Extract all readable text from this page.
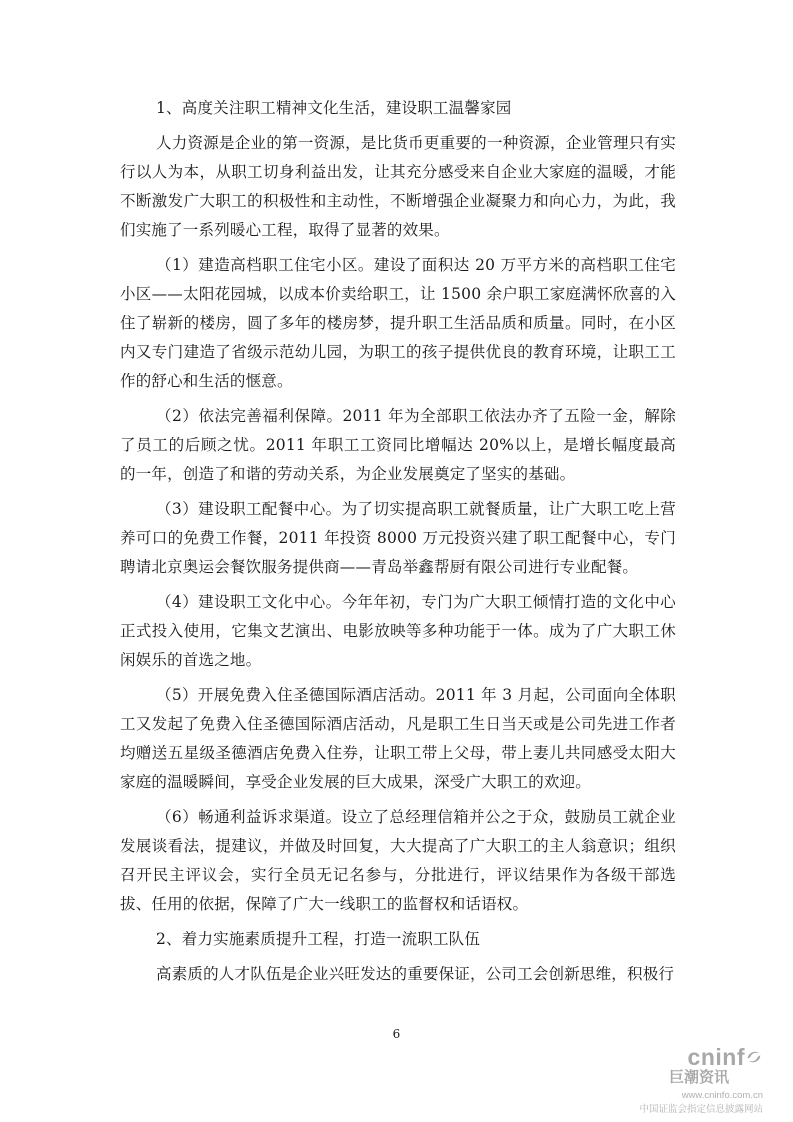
1、高度关注职工精神文化生活，建设职工温馨家园

人力资源是企业的第一资源，是比货币更重要的一种资源，企业管理只有实行以人为本，从职工切身利益出发，让其充分感受来自企业大家庭的温暖，才能不断激发广大职工的积极性和主动性，不断增强企业凝聚力和向心力，为此，我们实施了一系列暖心工程，取得了显著的效果。

（1）建造高档职工住宅小区。建设了面积达 20 万平方米的高档职工住宅小区——太阳花园城，以成本价卖给职工，让 1500 余户职工家庭满怀欣喜的入住了崭新的楼房，圆了多年的楼房梦，提升职工生活品质和质量。同时，在小区内又专门建造了省级示范幼儿园，为职工的孩子提供优良的教育环境，让职工工作的舒心和生活的惬意。

（2）依法完善福利保障。2011 年为全部职工依法办齐了五险一金，解除了员工的后顾之忧。2011 年职工工资同比增幅达 20%以上，是增长幅度最高的一年，创造了和谐的劳动关系，为企业发展奠定了坚实的基础。

（3）建设职工配餐中心。为了切实提高职工就餐质量，让广大职工吃上营养可口的免费工作餐，2011 年投资 8000 万元投资兴建了职工配餐中心，专门聘请北京奥运会餐饮服务提供商——青岛举鑫帮厨有限公司进行专业配餐。

（4）建设职工文化中心。今年年初，专门为广大职工倾情打造的文化中心正式投入使用，它集文艺演出、电影放映等多种功能于一体。成为了广大职工休闲娱乐的首选之地。

（5）开展免费入住圣德国际酒店活动。2011 年 3 月起，公司面向全体职工又发起了免费入住圣德国际酒店活动，凡是职工生日当天或是公司先进工作者均赠送五星级圣德酒店免费入住券，让职工带上父母，带上妻儿共同感受太阳大家庭的温暖瞬间，享受企业发展的巨大成果，深受广大职工的欢迎。

（6）畅通利益诉求渠道。设立了总经理信箱并公之于众，鼓励员工就企业发展谈看法，提建议，并做及时回复，大大提高了广大职工的主人翁意识；组织召开民主评议会，实行全员无记名参与，分批进行，评议结果作为各级干部选拔、任用的依据，保障了广大一线职工的监督权和话语权。

2、着力实施素质提升工程，打造一流职工队伍

高素质的人才队伍是企业兴旺发达的重要保证，公司工会创新思维，积极行

6
cninf
巨潮资讯
www.cninfo.com.cn
中国证监会指定信息披露网站
